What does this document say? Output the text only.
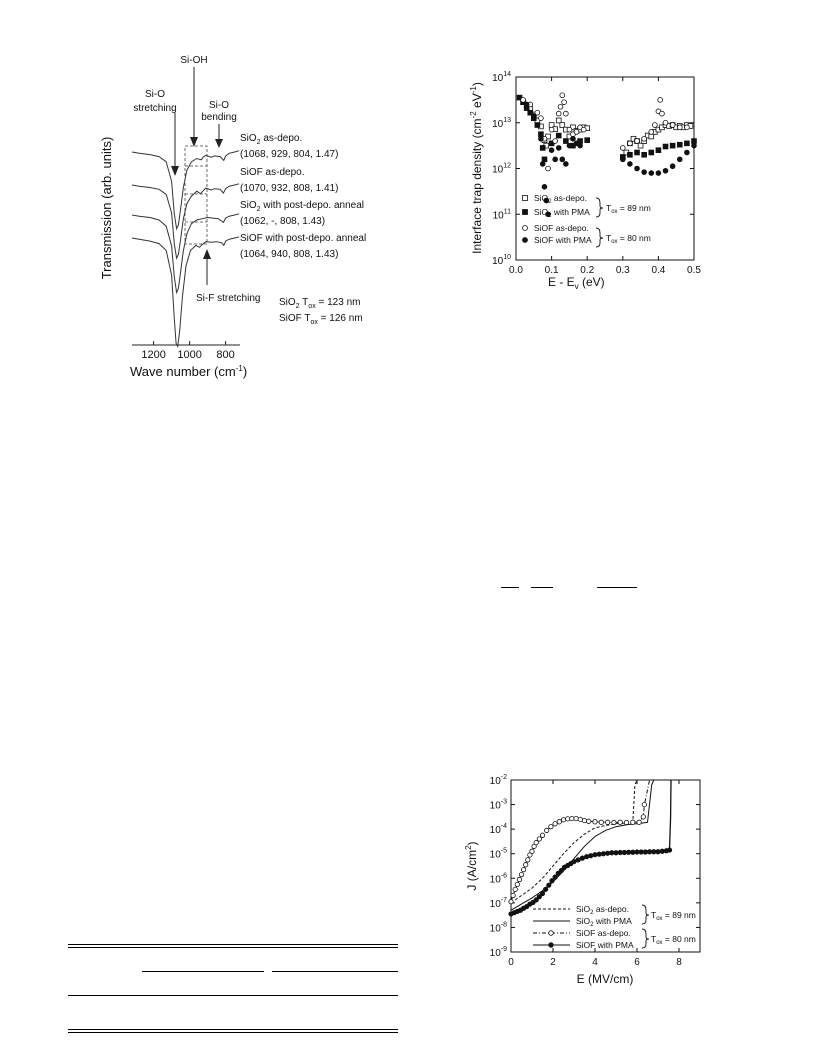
1200 1000 800
Wave number $(cm^{-1})$
Transmission (arb. units)	SiO$_2$ as-depo.
(1068, 929, 804, 1.47)
SiOF as-depo.
(1070, 932, 808, 1.41)
SiO$_2$ with post-depo. anneal
(1062, -, 808, 1.43)
SiOF with post-depo. anneal
(1064, 940, 808, 1.43)
Si-O
stretching
Si-OH
Si-O
bending
Si-F stretching SiO$_2$ $T_{ox} = 123$ nm
SiOF $T_{ox} = 126$ nm
0.0 0.1 0.2 0.3 0.4 0.5
$10^{10}$
$10^{11}$
$10^{12}$
$10^{13}$
$10^{14}$
E - $E_v$ (eV)
Interface trap density ($cm^{-2}$ $eV^{-1}$)
SiO$_2$ as-depo.
SiO$_2$ with PMA
SiOF as-depo.
SiOF with PMA
$T_{ox} = 89$ nm
$T_{ox} = 80$ nm
0	2	4	6	8
$10^{-9}$
$10^{-8}$
$10^{-7}$
$10^{-6}$
$10^{-5}$
$10^{-4}$
$10^{-3}$
$10^{-2}$
E (MV/cm)
J $(A/cm^2)$
SiO$_2$ as-depo.
SiO$_2$ with PMA
SiOF as-depo.
SiOF with PMA
$T_{ox} = 89$ nm
$T_{ox} = 80$ nm
